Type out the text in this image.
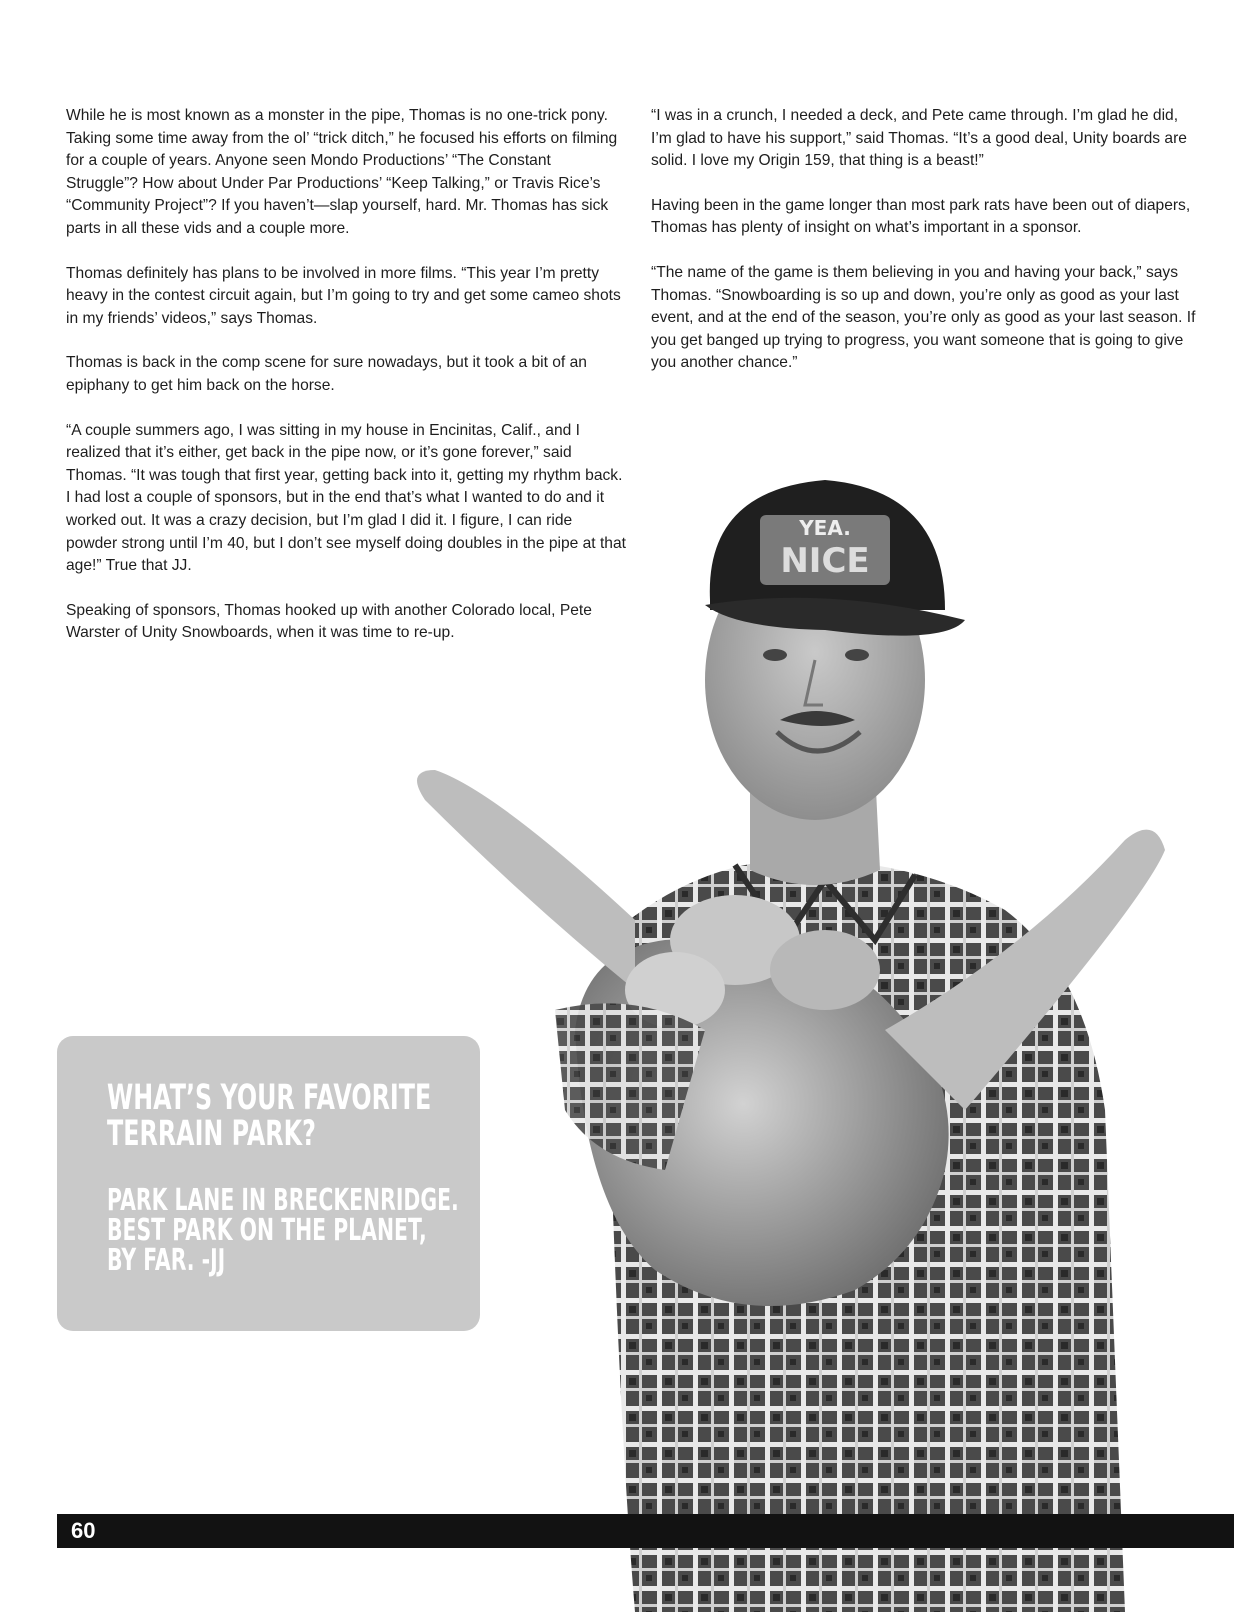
While he is most known as a monster in the pipe, Thomas is no one-trick pony. Taking some time away from the ol’ “trick ditch,” he focused his efforts on filming for a couple of years. Anyone seen Mondo Productions’ “The Constant Struggle”? How about Under Par Productions’ “Keep Talking,” or Travis Rice’s “Community Project”? If you haven’t—slap yourself, hard. Mr. Thomas has sick parts in all these vids and a couple more.

Thomas definitely has plans to be involved in more films. “This year I’m pretty heavy in the contest circuit again, but I’m going to try and get some cameo shots in my friends’ videos,” says Thomas.

Thomas is back in the comp scene for sure nowadays, but it took a bit of an epiphany to get him back on the horse.

“A couple summers ago, I was sitting in my house in Encinitas, Calif., and I realized that it’s either, get back in the pipe now, or it’s gone forever,” said Thomas. “It was tough that first year, getting back into it, getting my rhythm back. I had lost a couple of sponsors, but in the end that’s what I wanted to do and it worked out. It was a crazy decision, but I’m glad I did it. I figure, I can ride powder strong until I’m 40, but I don’t see myself doing doubles in the pipe at that age!” True that JJ.

Speaking of sponsors, Thomas hooked up with another Colorado local, Pete Warster of Unity Snowboards, when it was time to re-up.

“I was in a crunch, I needed a deck, and Pete came through. I’m glad he did, I’m glad to have his support,” said Thomas. “It’s a good deal, Unity boards are solid. I love my Origin 159, that thing is a beast!”

Having been in the game longer than most park rats have been out of diapers, Thomas has plenty of insight on what’s important in a sponsor.

“The name of the game is them believing in you and having your back,” says Thomas. “Snowboarding is so up and down, you’re only as good as your last event, and at the end of the season, you’re only as good as your last season. If you get banged up trying to progress, you want someone that is going to give you another chance.”

YEA.
NICE
WHAT’S YOUR FAVORITE
TERRAIN PARK?
PARK LANE IN BRECKENRIDGE.
BEST PARK ON THE PLANET,
BY FAR. -JJ
60
